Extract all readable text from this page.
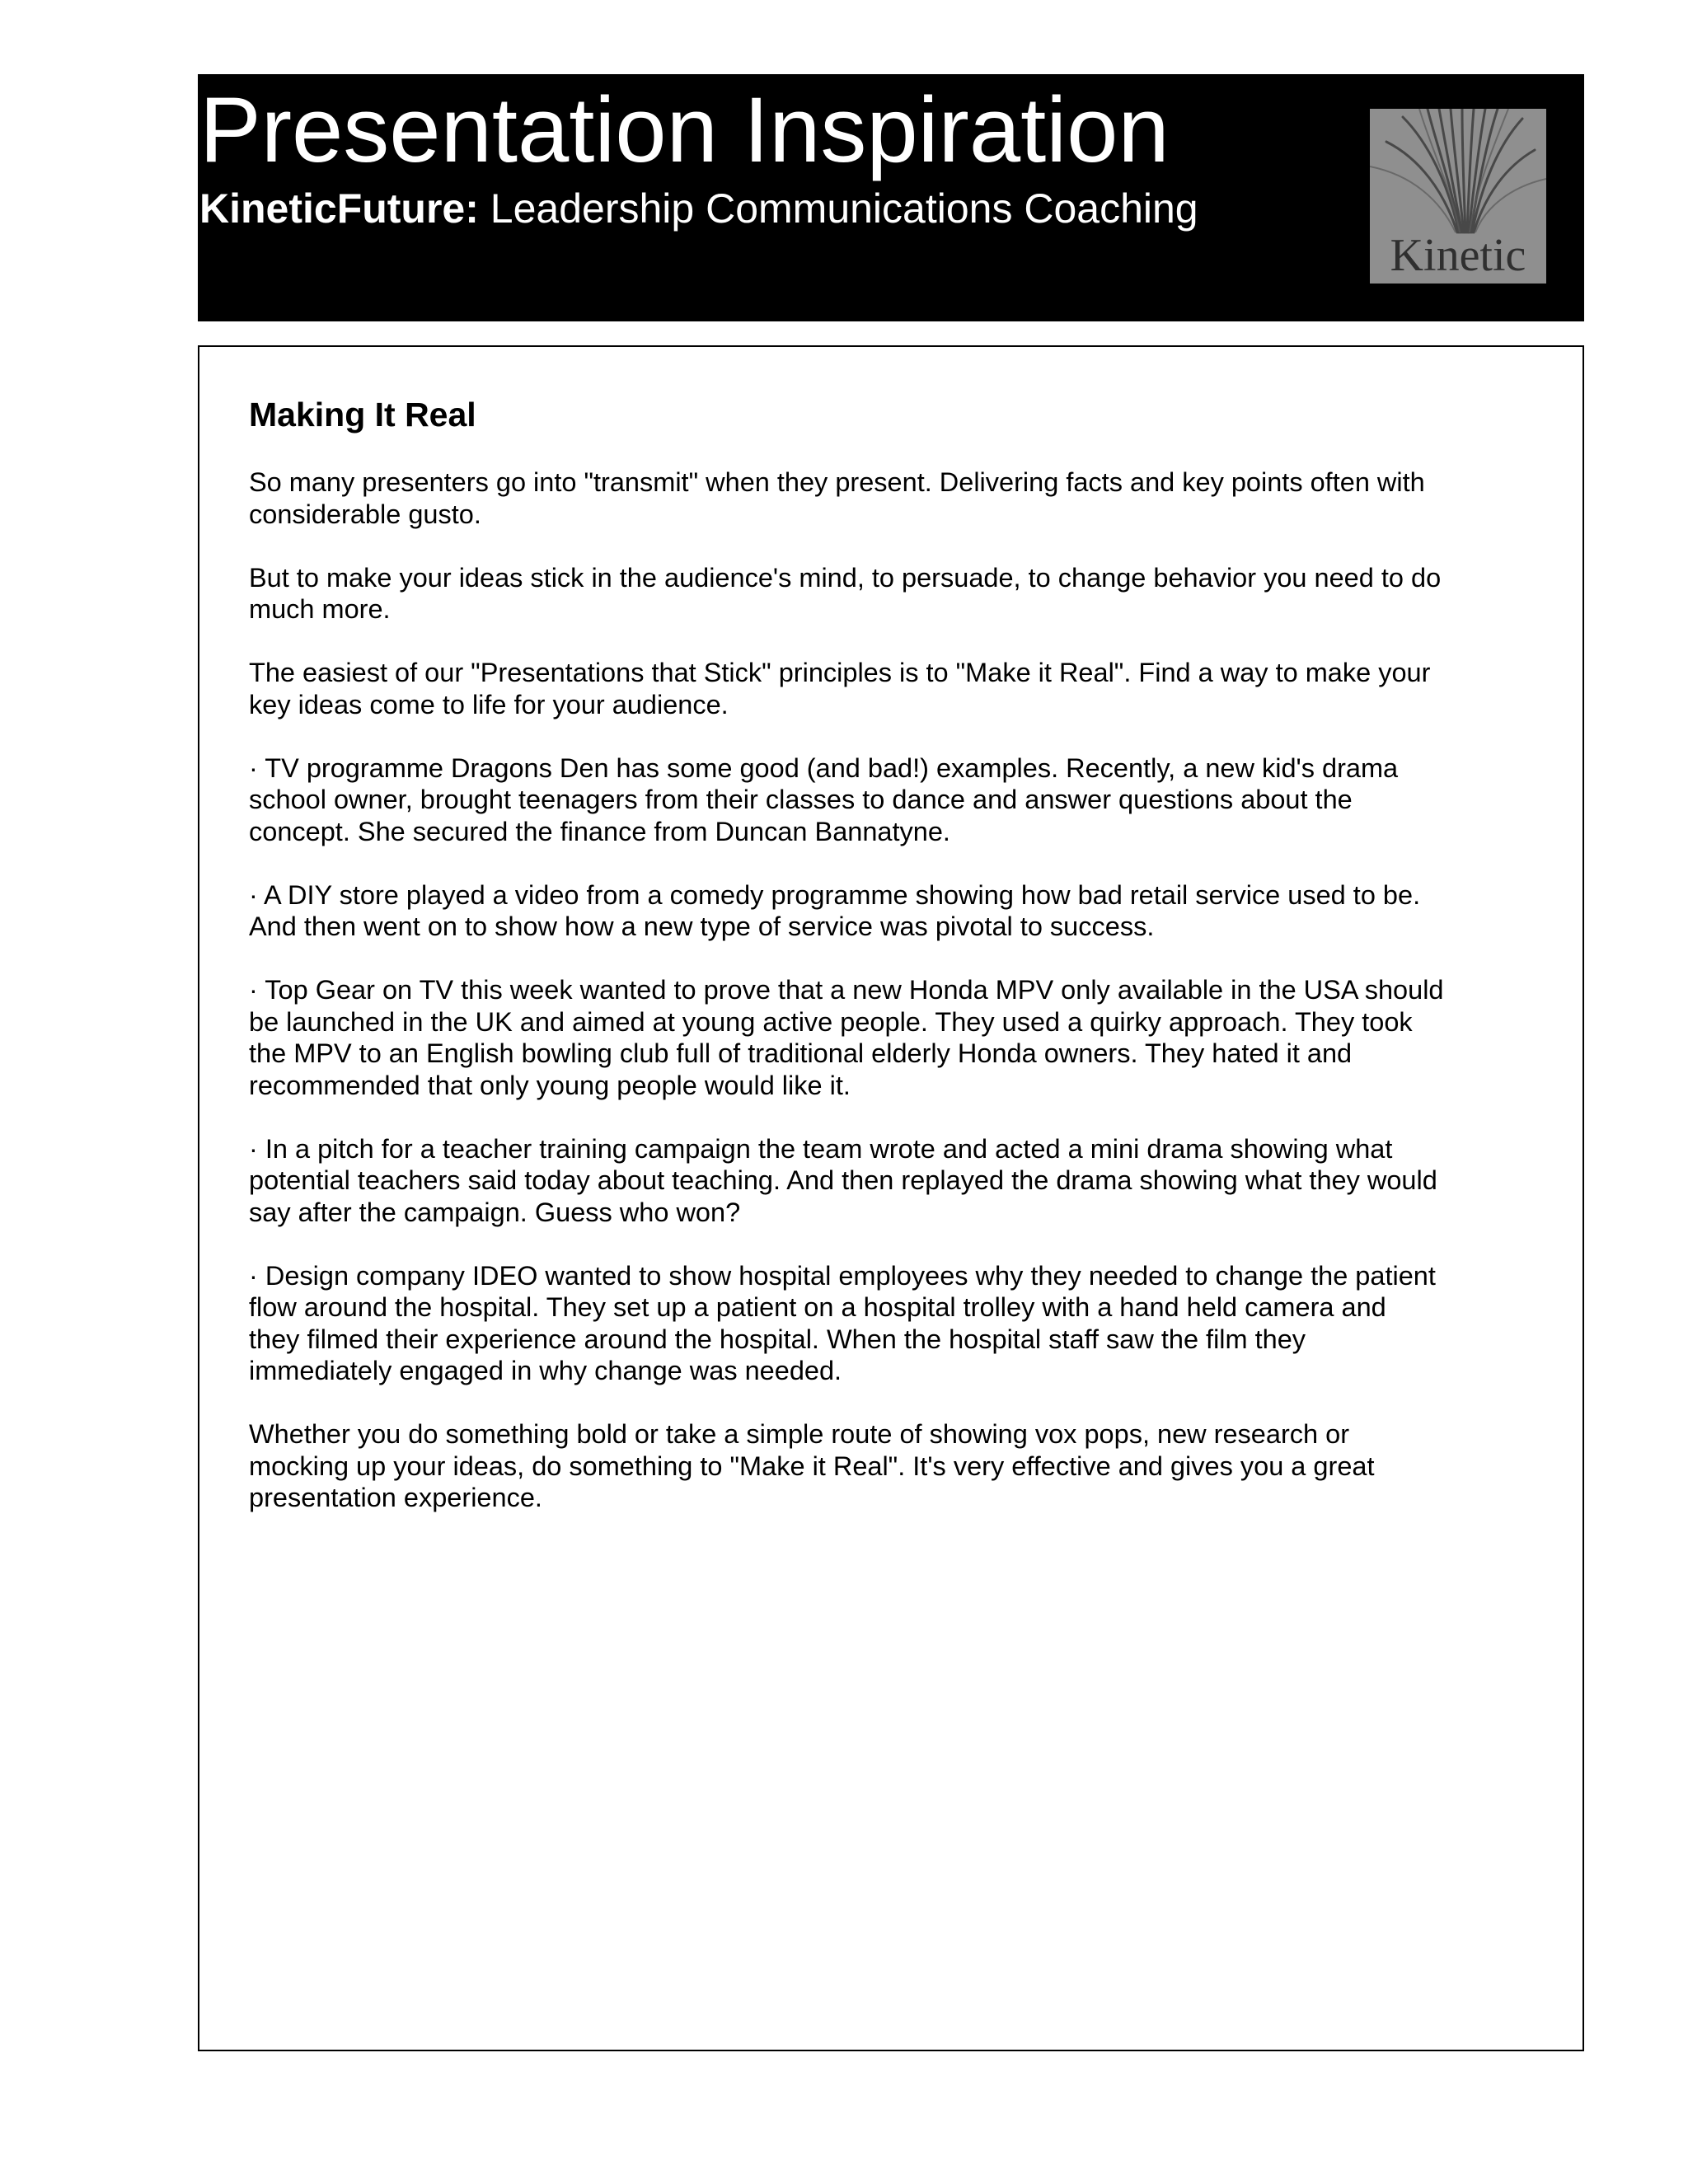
Presentation Inspiration

KineticFuture: Leadership Communications Coaching

Kinetic
Making It Real

So many presenters go into "transmit" when they present. Delivering facts and key points often with considerable gusto.

But to make your ideas stick in the audience's mind, to persuade, to change behavior you need to do much more.

The easiest of our "Presentations that Stick" principles is to "Make it Real". Find a way to make your key ideas come to life for your audience.

· TV programme Dragons Den has some good (and bad!) examples. Recently, a new kid's drama school owner, brought teenagers from their classes to dance and answer questions about the concept. She secured the finance from Duncan Bannatyne.

· A DIY store played a video from a comedy programme showing how bad retail service used to be. And then went on to show how a new type of service was pivotal to success.

· Top Gear on TV this week wanted to prove that a new Honda MPV only available in the USA should be launched in the UK and aimed at young active people. They used a quirky approach. They took the MPV to an English bowling club full of traditional elderly Honda owners. They hated it and recommended that only young people would like it.

· In a pitch for a teacher training campaign the team wrote and acted a mini drama showing what potential teachers said today about teaching. And then replayed the drama showing what they would say after the campaign. Guess who won?

· Design company IDEO wanted to show hospital employees why they needed to change the patient flow around the hospital. They set up a patient on a hospital trolley with a hand held camera and they filmed their experience around the hospital. When the hospital staff saw the film they immediately engaged in why change was needed.

Whether you do something bold or take a simple route of showing vox pops, new research or mocking up your ideas, do something to "Make it Real". It's very effective and gives you a great presentation experience.
